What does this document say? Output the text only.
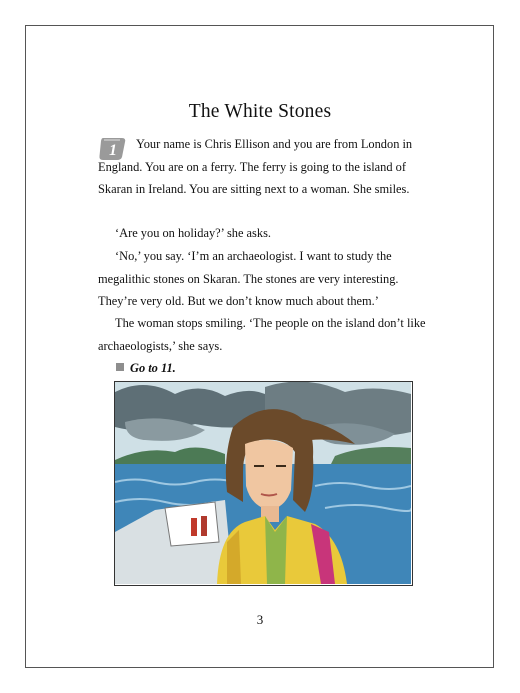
The White Stones
1	Your name is Chris Ellison and you are from London in England. You are on a ferry. The ferry is going to the island of Skaran in Ireland. You are sitting next to a woman. She smiles.

‘Are you on holiday?’ she asks.

‘No,’ you say. ‘I’m an archaeologist. I want to study the megalithic stones on Skaran. The stones are very interesting. They’re very old. But we don’t know much about them.’

The woman stops smiling. ‘The people on the island don’t like archaeologists,’ she says.

Go to 11.
3
